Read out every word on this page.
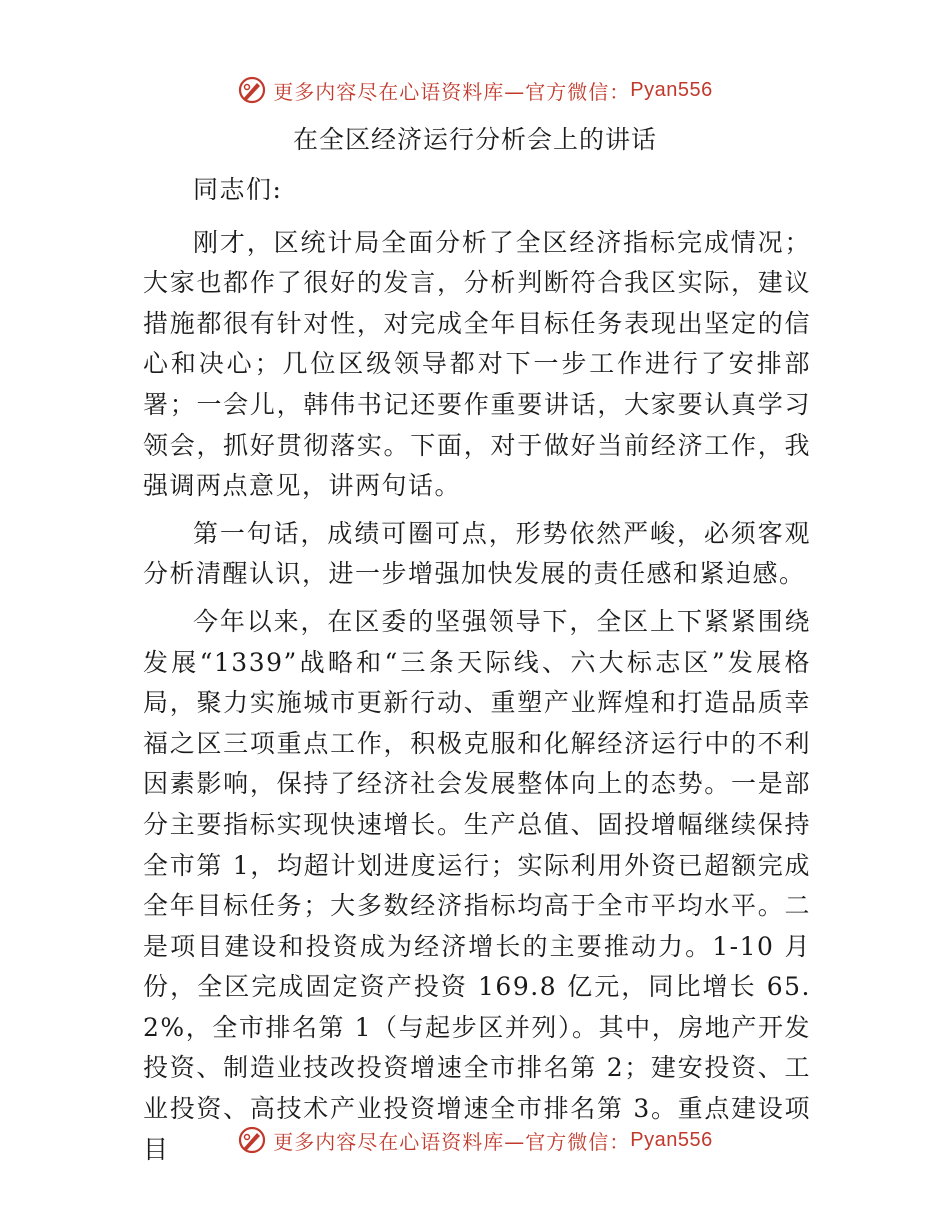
更多内容尽在心语资料库—官方微信： Pyan556
在全区经济运行分析会上的讲话

同志们:

刚才，区统计局全面分析了全区经济指标完成情况；大家也都作了很好的发言，分析判断符合我区实际，建议措施都很有针对性，对完成全年目标任务表现出坚定的信心和决心；几位区级领导都对下一步工作进行了安排部署；一会儿，韩伟书记还要作重要讲话，大家要认真学习领会，抓好贯彻落实。下面，对于做好当前经济工作，我强调两点意见，讲两句话。

第一句话，成绩可圈可点，形势依然严峻，必须客观分析清醒认识，进一步增强加快发展的责任感和紧迫感。

今年以来，在区委的坚强领导下，全区上下紧紧围绕发展“1339”战略和“三条天际线、六大标志区”发展格局，聚力实施城市更新行动、重塑产业辉煌和打造品质幸福之区三项重点工作，积极克服和化解经济运行中的不利因素影响，保持了经济社会发展整体向上的态势。一是部分主要指标实现快速增长。生产总值、固投增幅继续保持全市第 1，均超计划进度运行；实际利用外资已超额完成全年目标任务；大多数经济指标均高于全市平均水平。二是项目建设和投资成为经济增长的主要推动力。1-10 月份，全区完成固定资产投资 169.8 亿元，同比增长 65.2%，全市排名第 1（与起步区并列）。其中，房地产开发投资、制造业技改投资增速全市排名第 2；建安投资、工业投资、高技术产业投资增速全市排名第 3。重点建设项目	更多内容尽在心语资料库—官方微信： Pyan556
